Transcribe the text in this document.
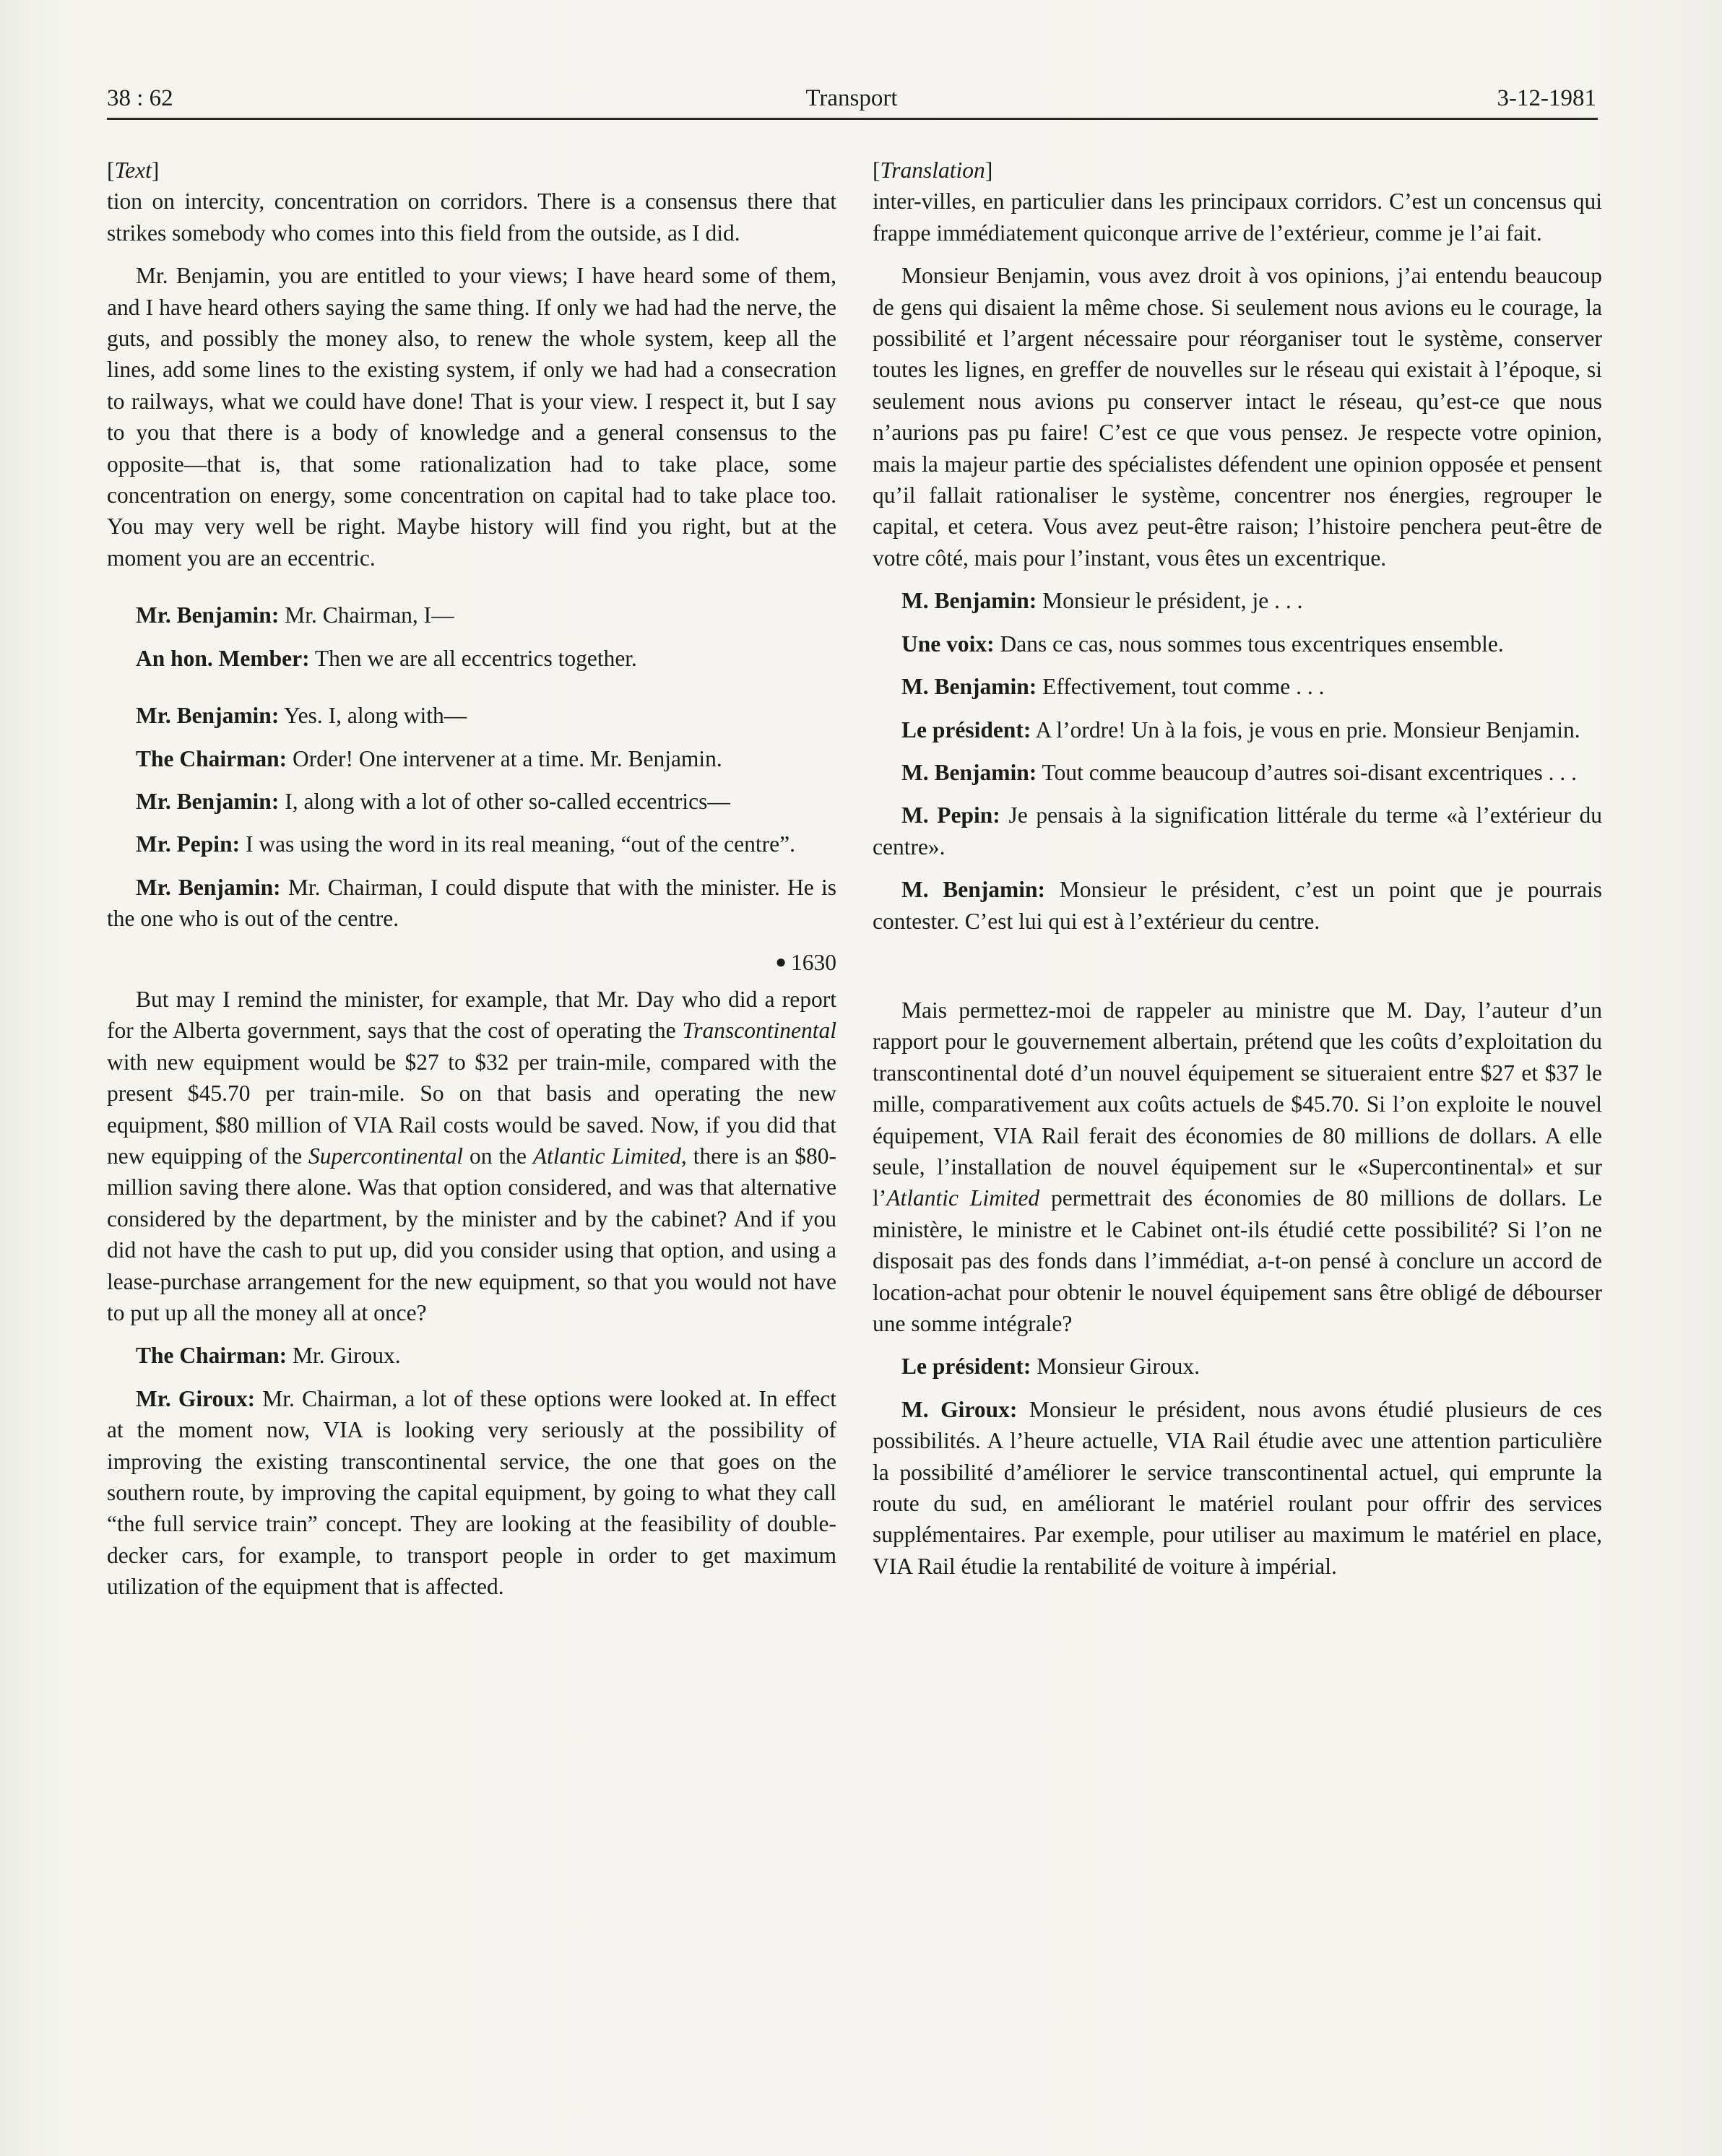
38 : 62	Transport	3-12-1981
[Text]

tion on intercity, concentration on corridors. There is a consensus there that strikes somebody who comes into this field from the outside, as I did.

Mr. Benjamin, you are entitled to your views; I have heard some of them, and I have heard others saying the same thing. If only we had had the nerve, the guts, and possibly the money also, to renew the whole system, keep all the lines, add some lines to the existing system, if only we had had a consecration to railways, what we could have done! That is your view. I respect it, but I say to you that there is a body of knowledge and a general consensus to the opposite—that is, that some rationalization had to take place, some concentration on energy, some concentration on capital had to take place too. You may very well be right. Maybe history will find you right, but at the moment you are an eccentric.

Mr. Benjamin: Mr. Chairman, I—

An hon. Member: Then we are all eccentrics together.

Mr. Benjamin: Yes. I, along with—

The Chairman: Order! One intervener at a time. Mr. Benjamin.

Mr. Benjamin: I, along with a lot of other so-called eccentrics—

Mr. Pepin: I was using the word in its real meaning, “out of the centre”.

Mr. Benjamin: Mr. Chairman, I could dispute that with the minister. He is the one who is out of the centre.

● 1630

But may I remind the minister, for example, that Mr. Day who did a report for the Alberta government, says that the cost of operating the Transcontinental with new equipment would be $27 to $32 per train-mile, compared with the present $45.70 per train-mile. So on that basis and operating the new equipment, $80 million of VIA Rail costs would be saved. Now, if you did that new equipping of the Supercontinental on the Atlantic Limited, there is an $80-million saving there alone. Was that option considered, and was that alternative considered by the department, by the minister and by the cabinet? And if you did not have the cash to put up, did you consider using that option, and using a lease-purchase arrangement for the new equipment, so that you would not have to put up all the money all at once?

The Chairman: Mr. Giroux.

Mr. Giroux: Mr. Chairman, a lot of these options were looked at. In effect at the moment now, VIA is looking very seriously at the possibility of improving the existing transcontinental service, the one that goes on the southern route, by improving the capital equipment, by going to what they call “the full service train” concept. They are looking at the feasibility of double-decker cars, for example, to transport people in order to get maximum utilization of the equipment that is affected.

[Translation]

inter-villes, en particulier dans les principaux corridors. C’est un concensus qui frappe immédiatement quiconque arrive de l’extérieur, comme je l’ai fait.

Monsieur Benjamin, vous avez droit à vos opinions, j’ai entendu beaucoup de gens qui disaient la même chose. Si seulement nous avions eu le courage, la possibilité et l’argent nécessaire pour réorganiser tout le système, conserver toutes les lignes, en greffer de nouvelles sur le réseau qui existait à l’époque, si seulement nous avions pu conserver intact le réseau, qu’est-ce que nous n’aurions pas pu faire! C’est ce que vous pensez. Je respecte votre opinion, mais la majeur partie des spécialistes défendent une opinion opposée et pensent qu’il fallait rationaliser le système, concentrer nos énergies, regrouper le capital, et cetera. Vous avez peut-être raison; l’histoire penchera peut-être de votre côté, mais pour l’instant, vous êtes un excentrique.

M. Benjamin: Monsieur le président, je . . .

Une voix: Dans ce cas, nous sommes tous excentriques ensemble.

M. Benjamin: Effectivement, tout comme . . .

Le président: A l’ordre! Un à la fois, je vous en prie. Monsieur Benjamin.

M. Benjamin: Tout comme beaucoup d’autres soi-disant excentriques . . .

M. Pepin: Je pensais à la signification littérale du terme «à l’extérieur du centre».

M. Benjamin: Monsieur le président, c’est un point que je pourrais contester. C’est lui qui est à l’extérieur du centre.

Mais permettez-moi de rappeler au ministre que M. Day, l’auteur d’un rapport pour le gouvernement albertain, prétend que les coûts d’exploitation du transcontinental doté d’un nouvel équipement se situeraient entre $27 et $37 le mille, comparativement aux coûts actuels de $45.70. Si l’on exploite le nouvel équipement, VIA Rail ferait des économies de 80 millions de dollars. A elle seule, l’installation de nouvel équipement sur le «Supercontinental» et sur l’Atlantic Limited permettrait des économies de 80 millions de dollars. Le ministère, le ministre et le Cabinet ont-ils étudié cette possibilité? Si l’on ne disposait pas des fonds dans l’immédiat, a-t-on pensé à conclure un accord de location-achat pour obtenir le nouvel équipement sans être obligé de débourser une somme intégrale?

Le président: Monsieur Giroux.

M. Giroux: Monsieur le président, nous avons étudié plusieurs de ces possibilités. A l’heure actuelle, VIA Rail étudie avec une attention particulière la possibilité d’améliorer le service transcontinental actuel, qui emprunte la route du sud, en améliorant le matériel roulant pour offrir des services supplémentaires. Par exemple, pour utiliser au maximum le matériel en place, VIA Rail étudie la rentabilité de voiture à impérial.
